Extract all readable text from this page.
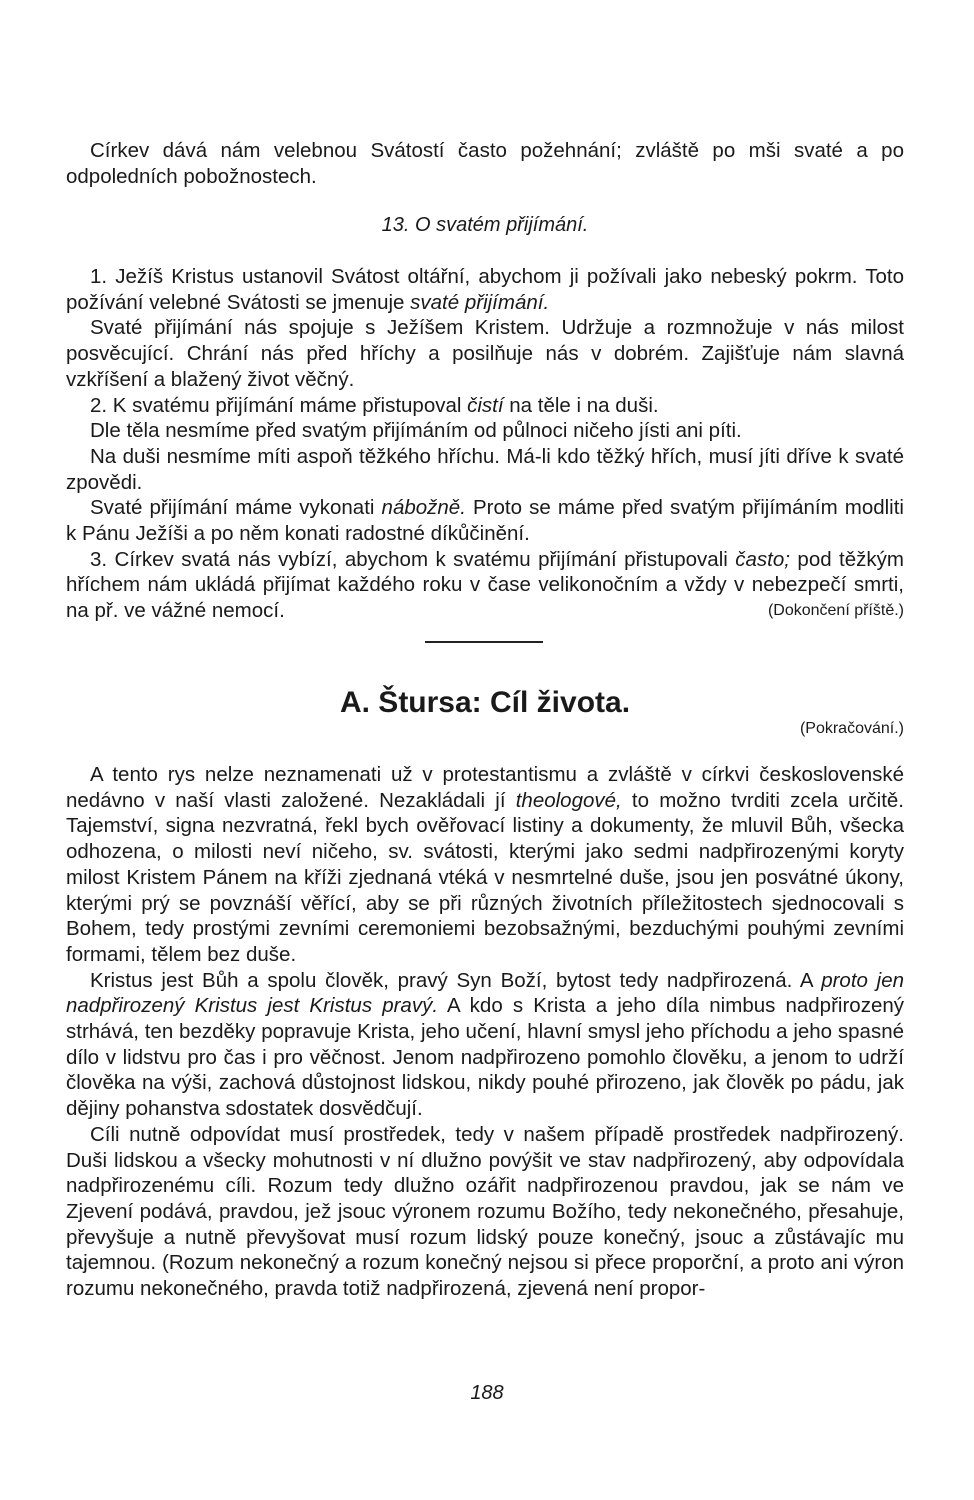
Církev dává nám velebnou Svátostí často požehnání; zvláště po mši svaté a po odpoledních pobožnostech.

13. O svatém přijímání.

1. Ježíš Kristus ustanovil Svátost oltářní, abychom ji požívali jako nebeský pokrm. Toto požívání velebné Svátosti se jmenuje svaté přijímání.

Svaté přijímání nás spojuje s Ježíšem Kristem. Udržuje a rozmnožuje v nás milost posvěcující. Chrání nás před hříchy a posilňuje nás v dobrém. Zajišťuje nám slavná vzkříšení a blažený život věčný.

2. K svatému přijímání máme přistupoval čistí na těle i na duši.

Dle těla nesmíme před svatým přijímáním od půlnoci ničeho jísti ani píti.

Na duši nesmíme míti aspoň těžkého hříchu. Má-li kdo těžký hřích, musí jíti dříve k svaté zpovědi.

Svaté přijímání máme vykonati nábožně. Proto se máme před svatým přijímáním modliti k Pánu Ježíši a po něm konati radostné díkůčinění.

3. Církev svatá nás vybízí, abychom k svatému přijímání přistupovali často; pod těžkým hříchem nám ukládá přijímat každého roku v čase velikonočním a vždy v nebezpečí smrti, na př. ve vážné nemocí.	(Dokončení příště.)

A. Štursa: Cíl života.

(Pokračování.)

A tento rys nelze neznamenati už v protestantismu a zvláště v církvi československé nedávno v naší vlasti založené. Nezakládali jí theologové, to možno tvrditi zcela určitě. Tajemství, signa nezvratná, řekl bych ověřovací listiny a dokumenty, že mluvil Bůh, všecka odhozena, o milosti neví ničeho, sv. svátosti, kterými jako sedmi nadpřirozenými koryty milost Kristem Pánem na kříži zjednaná vtéká v nesmrtelné duše, jsou jen posvátné úkony, kterými prý se povznáší věřící, aby se při různých životních příležitostech sjednocovali s Bohem, tedy prostými zevními ceremoniemi bezobsažnými, bezduchými pouhými zevními formami, tělem bez duše.

Kristus jest Bůh a spolu člověk, pravý Syn Boží, bytost tedy nadpřirozená. A proto jen nadpřirozený Kristus jest Kristus pravý. A kdo s Krista a jeho díla nimbus nadpřirozený strhává, ten bezděky popravuje Krista, jeho učení, hlavní smysl jeho příchodu a jeho spasné dílo v lidstvu pro čas i pro věčnost. Jenom nadpřirozeno pomohlo člověku, a jenom to udrží člověka na výši, zachová důstojnost lidskou, nikdy pouhé přirozeno, jak člověk po pádu, jak dějiny pohanstva sdostatek dosvědčují.

Cíli nutně odpovídat musí prostředek, tedy v našem případě prostředek nadpřirozený. Duši lidskou a všecky mohutnosti v ní dlužno povýšit ve stav nadpřirozený, aby odpovídala nadpřirozenému cíli. Rozum tedy dlužno ozářit nadpřirozenou pravdou, jak se nám ve Zjevení podává, pravdou, jež jsouc výronem rozumu Božího, tedy nekonečného, přesahuje, převyšuje a nutně převyšovat musí rozum lidský pouze konečný, jsouc a zůstávajíc mu tajemnou. (Rozum nekonečný a rozum konečný nejsou si přece proporční, a proto ani výron rozumu nekonečného, pravda totiž nadpřirozená, zjevená není propor-

188
